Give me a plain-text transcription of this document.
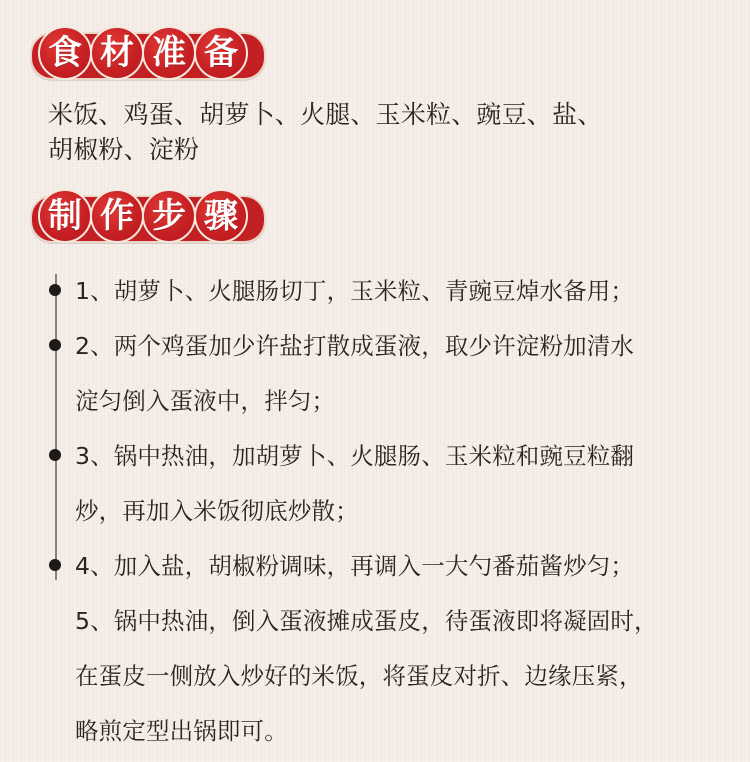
食 材 准 备

米饭、鸡蛋、胡萝卜、火腿、玉米粒、豌豆、盐、
胡椒粉、淀粉

制 作 步 骤
1、胡萝卜、火腿肠切丁，玉米粒、青豌豆焯水备用；
2、两个鸡蛋加少许盐打散成蛋液，取少许淀粉加清水
淀匀倒入蛋液中，拌匀；
3、锅中热油，加胡萝卜、火腿肠、玉米粒和豌豆粒翻
炒，再加入米饭彻底炒散；
4、加入盐，胡椒粉调味，再调入一大勺番茄酱炒匀；
5、锅中热油，倒入蛋液摊成蛋皮，待蛋液即将凝固时，
在蛋皮一侧放入炒好的米饭，将蛋皮对折、边缘压紧，
略煎定型出锅即可。
